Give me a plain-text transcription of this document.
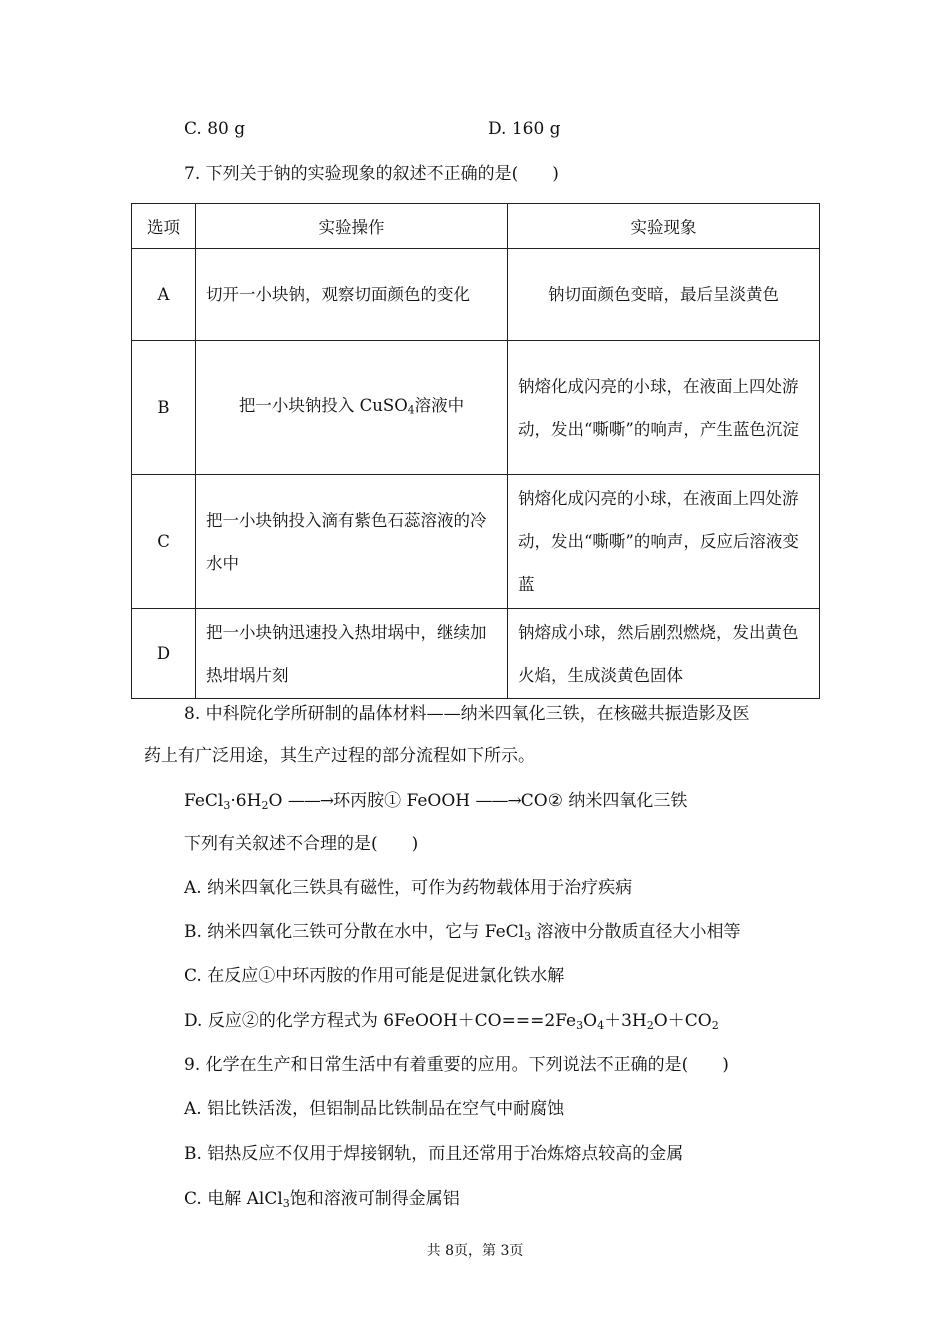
C. 80 g	D. 160 g
7. 下列关于钠的实验现象的叙述不正确的是(　　)
选项	实验操作	实验现象
A	切开一小块钠，观察切面颜色的变化	钠切面颜色变暗，最后呈淡黄色
B	把一小块钠投入 CuSO$_4$溶液中	钠熔化成闪亮的小球，在液面上四处游动，发出“嘶嘶”的响声，产生蓝色沉淀
C	把一小块钠投入滴有紫色石蕊溶液的冷水中	钠熔化成闪亮的小球，在液面上四处游动，发出“嘶嘶”的响声，反应后溶液变蓝
D	把一小块钠迅速投入热坩埚中，继续加热坩埚片刻	钠熔成小球，然后剧烈燃烧，发出黄色火焰，生成淡黄色固体
8. 中科院化学所研制的晶体材料——纳米四氧化三铁，在核磁共振造影及医
药上有广泛用途，其生产过程的部分流程如下所示。
$FeCl_3\cdot 6H_2O$ ——→环丙胺① FeOOH ——→CO② 纳米四氧化三铁
下列有关叙述不合理的是(　　)
A. 纳米四氧化三铁具有磁性，可作为药物载体用于治疗疾病
B. 纳米四氧化三铁可分散在水中，它与 FeCl$_3$ 溶液中分散质直径大小相等
C. 在反应①中环丙胺的作用可能是促进氯化铁水解
D. 反应②的化学方程式为 $6FeOOH+CO===2Fe_3O_4+3H_2O+CO_2$
9. 化学在生产和日常生活中有着重要的应用。下列说法不正确的是(　　)
A. 铝比铁活泼，但铝制品比铁制品在空气中耐腐蚀
B. 铝热反应不仅用于焊接钢轨，而且还常用于冶炼熔点较高的金属
C. 电解 AlCl$_3$饱和溶液可制得金属铝
共 8页，第 3页
